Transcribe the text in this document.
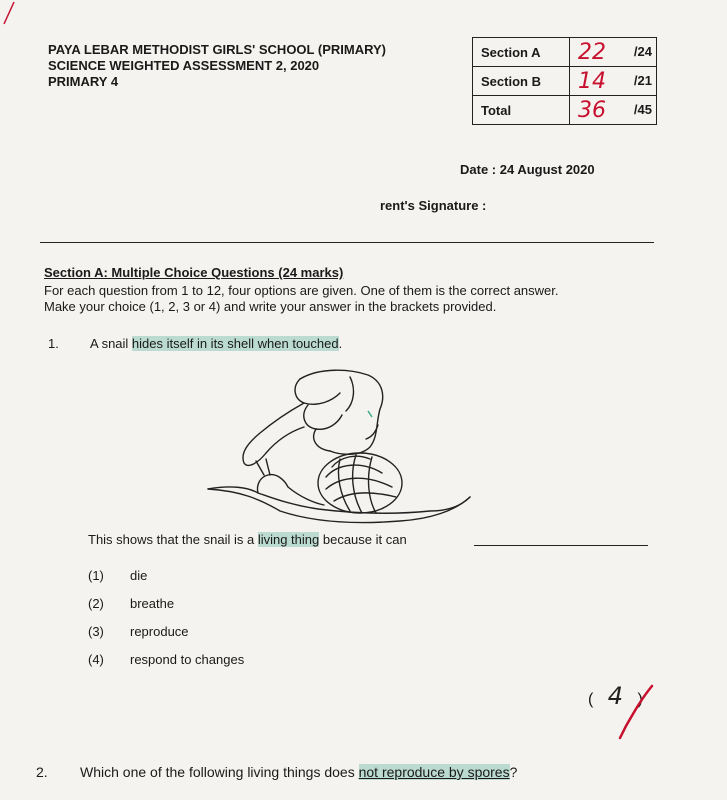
PAYA LEBAR METHODIST GIRLS' SCHOOL (PRIMARY)
SCIENCE WEIGHTED ASSESSMENT 2, 2020
PRIMARY 4
Section A	22 /24

Section B	14 /21

Total	36 /45
Date : 24 August 2020
rent's Signature :
Section A: Multiple Choice Questions (24 marks)
For each question from 1 to 12, four options are given. One of them is the correct answer.
Make your choice (1, 2, 3 or 4) and write your answer in the brackets provided.
1. A snail hides itself in its shell when touched.
This shows that the snail is a living thing because it can
(1)	die
(2)	breathe
(3)	reproduce
(4)	respond to changes
( 4 )
2. Which one of the following living things does not reproduce by spores?
